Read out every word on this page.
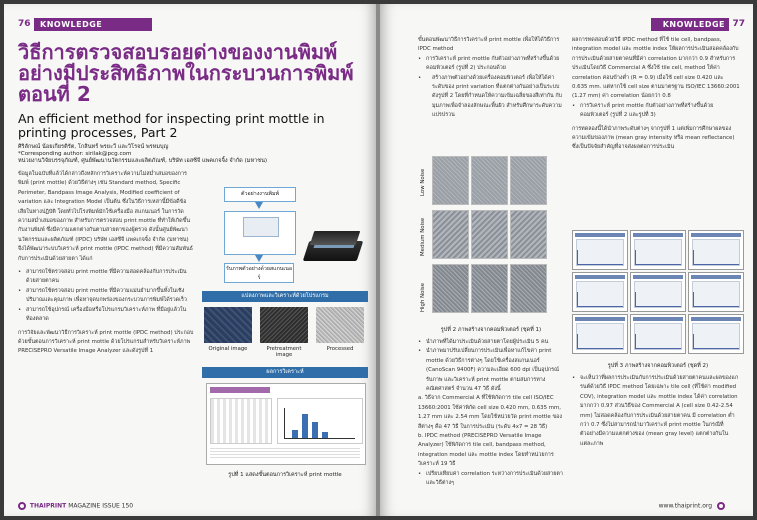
76	KNOWLEDGE
วิธีการตรวจสอบรอยด่างของงานพิมพ์อย่างมีประสิทธิภาพในกระบวนการพิมพ์ ตอนที่ 2
An efficient method for inspecting print mottle in printing processes, Part 2
ศิริลักษณ์ น้อยเกียรติรัต, โกสินทร์ พรยะวี และวิโรจน์ พรหมบุญ
*Corresponding author: sirilak@pcg.com
หน่วยงานวิจัยบรรจุภัณฑ์, ศูนย์พัฒนานวัตกรรมและผลิตภัณฑ์, บริษัท เอสซีจี แพคเกจจิ้ง จำกัด (มหาชน)

ข้อมูลในฉบับที่แล้วได้กล่าวถึงหลักการวิเคราะห์ความไม่สม่ำเสมอของการพิมพ์ (print mottle) ด้วยวิธีต่างๆ เช่น Standard method, Specific Perimeter, Bandpass Image Analysis, Modified coefficient of variation และ Integration Model เป็นต้น ซึ่งในวิธีการเหล่านี้มีข้อดีข้อเสียในทางปฏิบัติ โดยทั่วไปโรงพิมพ์มักใช้เครื่องมือ สแกนเนอร์ ในการวัดความสม่ำเสมอของภาพ สำหรับการตรวจสอบ print mottle ที่ทำให้เกิดขึ้นกับงานพิมพ์ ซึ่งมีความแตกต่างกันตามสายตาของผู้ตรวจ ดังนั้นศูนย์พัฒนานวัตกรรมและผลิตภัณฑ์ (IPDC) บริษัท เอสซีจี แพคเกจจิ้ง จำกัด (มหาชน) จึงได้พัฒนาระบบวิเคราะห์ print mottle (IPDC method) ที่มีความสัมพันธ์กับการประเมินด้วยสายตา ได้แก่

• สามารถใช้ตรวจสอบ print mottle ที่มีความสอดคล้องกับการประเมินด้วยสายตาคน

• สามารถใช้ตรวจสอบ print mottle ที่มีความแม่นยำมากขึ้นทั้งในเชิงปริมาณและคุณภาพ เพื่อหาจุดบกพร่องของกระบวนการพิมพ์ได้รวดเร็ว

• สามารถใช้อุปกรณ์ เครื่องมือหรือโปรแกรมวิเคราะห์ภาพ ที่มีอยู่แล้วในท้องตลาด

การวิจัยและพัฒนาวิธีการวิเคราะห์ print mottle (IPDC method) ประกอบด้วยขั้นตอนการวิเคราะห์ print mottle ด้วยโปรแกรมสำหรับวิเคราะห์ภาพ PRECISEPRO Versatile Image Analyzer และดังรูปที่ 1

ตัวอย่างงานพิมพ์
รับภาพตัวอย่างด้วยสแกนเนอร์
แปลงภาพและวิเคราะห์ด้วยโปรแกรม
Original image	Pretreatment image
Processed
ผลการวิเคราะห์
รูปที่ 1 แสดงขั้นตอนการวิเคราะห์ print mottle
THAIPRINT MAGAZINE ISSUE 150
KNOWLEDGE 77

ขั้นตอนพัฒนาวิธีการวิเคราะห์ print mottle เพื่อให้ได้วิธีการ IPDC method

• การวิเคราะห์ print mottle กับตัวอย่างภาพที่สร้างขึ้นด้วยคอมพิวเตอร์ (รูปที่ 2) ประกอบด้วย

• สร้างภาพตัวอย่างด้วยเครื่องคอมพิวเตอร์ เพื่อให้ได้ค่าระดับของ print variation ที่แตกต่างกันอย่างเป็นระบบดังรูปที่ 2 โดยที่กำหนดให้ความเข้มเฉลี่ยของสีเท่ากัน กับมุมภาพเพื่อจำลองลักษณะพื้นผิว สำหรับศึกษาระดับความแปรปรวน

Low Noise
Medium Noise
High Noise
รูปที่ 2 ภาพสร้างจากคอมพิวเตอร์ (ชุดที่ 1)

• นำภาพที่ได้มาประเมินด้วยสายตาโดยผู้ประเมิน 5 คน

• นำภาพมาปรับเปลี่ยนการประเมินเพื่อหาแก้ไขค่า print mottle ด้วยวิธีการต่างๆ โดยใช้เครื่องสแกนเนอร์ (CanoScan 9400F) ความละเอียด 600 dpi เป็นอุปกรณ์รับภาพ และวิเคราะห์ print mottle ตามสมการทางคณิตศาสตร์ จำนวน 47 วิธี ดังนี้

a. วิธีจาก Commercial A ที่ใช้พิกัดการ tile cell ISO/IEC 13660:2001 ใช้ค่าพิกัด cell size 0.420 mm, 0.635 mm, 1.27 mm และ 2.54 mm โดยใช้หน่วยวัด print mottle ของสีต่างๆ คือ 47 วิธี ในการประเมิน (ระดับ 4x7 = 28 วิธี)

b. IPDC method (PRECISEPRO Versatile Image Analyzer) ใช้พิกัดการ tile cell, bandpass method, integration model และ mottle index โดยทำหน่วยการวิเคราะห์ 19 วิธี

• เปรียบเทียบค่า correlation ระหว่างการประเมินด้วยสายตาและวิธีต่างๆ

ผลการทดสอบด้วยวิธี IPDC method ที่ใช้ tile cell, bandpass, integration model และ mottle index ให้ผลการประเมินสอดคล้องกับการประเมินด้วยสายตาคนที่มีค่า correlation มากกว่า 0.9 สำหรับการประเมินโดยวิธี Commercial A ซึ่งใช้ tile cell, method ให้ค่า correlation ค่อนข้างต่ำ (R = 0.9) เมื่อใช้ cell size 0.420 และ 0.635 mm. แต่หากใช้ cell size ตามมาตรฐาน ISO/IEC 13660:2001 (1.27 mm) ค่า correlation น้อยกว่า 0.8

• การวิเคราะห์ print mottle กับตัวอย่างภาพที่สร้างขึ้นด้วยคอมพิวเตอร์ (รูปที่ 2 และรูปที่ 3)

การทดลองนี้ได้นำภาพระดับต่างๆ จากรูปที่ 1 แต่เพิ่มการศึกษาผลของความเข้มของภาพ (mean gray intensity หรือ mean reflectance) ซึ่งเป็นปัจจัยสำคัญที่อาจส่งผลต่อการประเมิน

รูปที่ 3 ภาพสร้างจากคอมพิวเตอร์ (ชุดที่ 2)

• จะเห็นว่าที่ผลการประเมินกับการประเมินด้วยสายตาคนและผลของแกรนต์ด้วยวิธี IPDC method โดยเฉพาะ tile cell (ที่ใช้ค่า modified COV), integration model และ mottle index ได้ค่า correlation มากกว่า 0.97 ส่วนวิธีของ Commercial A (cell size 0.42-2.54 mm) ไม่สอดคล้องกับการประเมินด้วยสายตาคน มี correlation ต่ำกว่า 0.7 ซึ่งไม่สามารถนำมาวิเคราะห์ print mottle ในกรณีที่ตัวอย่างมีความแตกต่างของ (mean gray level) แตกต่างกันในแต่ละภาพ

www.thaiprint.org
